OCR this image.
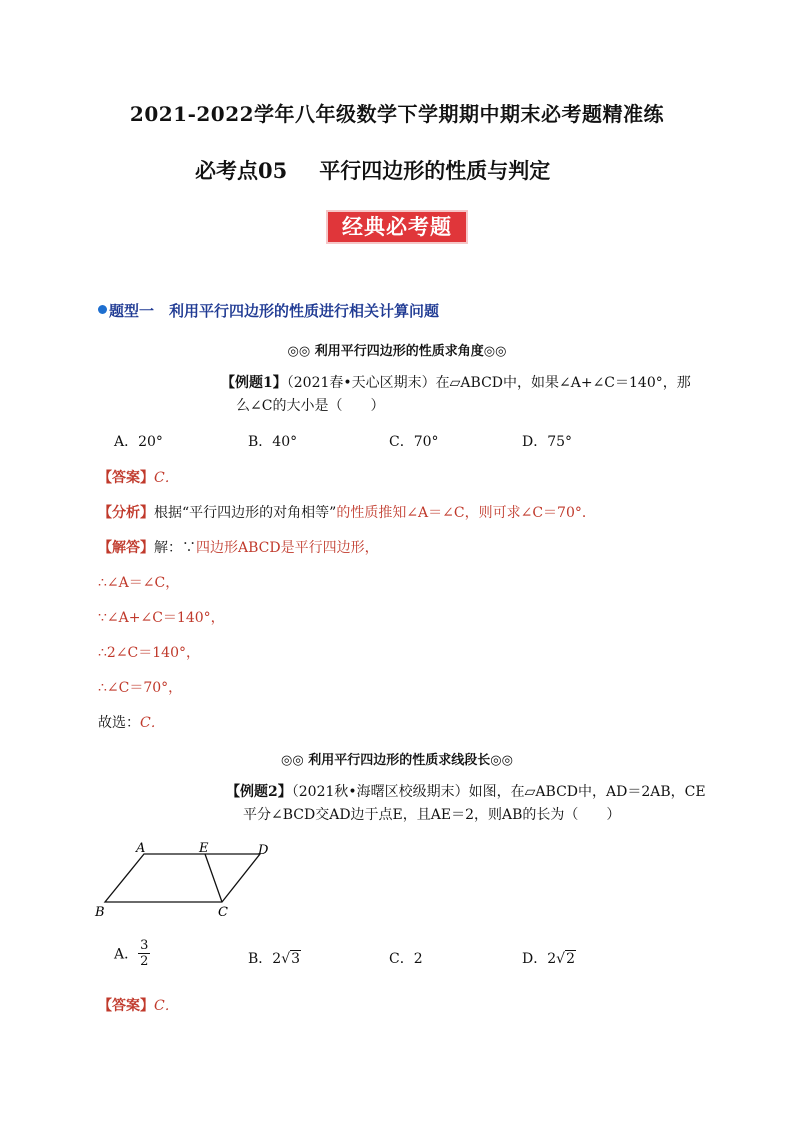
2021-2022学年八年级数学下学期期中期末必考题精准练
必考点05 平行四边形的性质与判定
经典必考题
题型一　利用平行四边形的性质进行相关计算问题
◎◎ 利用平行四边形的性质求角度◎◎
【例题1】（2021春•天心区期末）在▱ABCD中，如果∠A+∠C＝140°，那
么∠C的大小是（　　）
A．20°	B．40°	C．70°	D．75°
【答案】C．
【分析】根据“平行四边形的对角相等”的性质推知∠A＝∠C，则可求∠C＝70°．
【解答】解：∵四边形ABCD是平行四边形，
∴∠A＝∠C，
∵∠A+∠C＝140°，
∴2∠C＝140°，
∴∠C＝70°，
故选：C．
◎◎ 利用平行四边形的性质求线段长◎◎
【例题2】（2021秋•海曙区校级期末）如图，在▱ABCD中，AD＝2AB，CE
平分∠BCD交AD边于点E，且AE＝2，则AB的长为（　　）
A	E	D
B	C
A． $\frac{3}{2}$	B．2√3	C．2	D．2√2
【答案】C．
